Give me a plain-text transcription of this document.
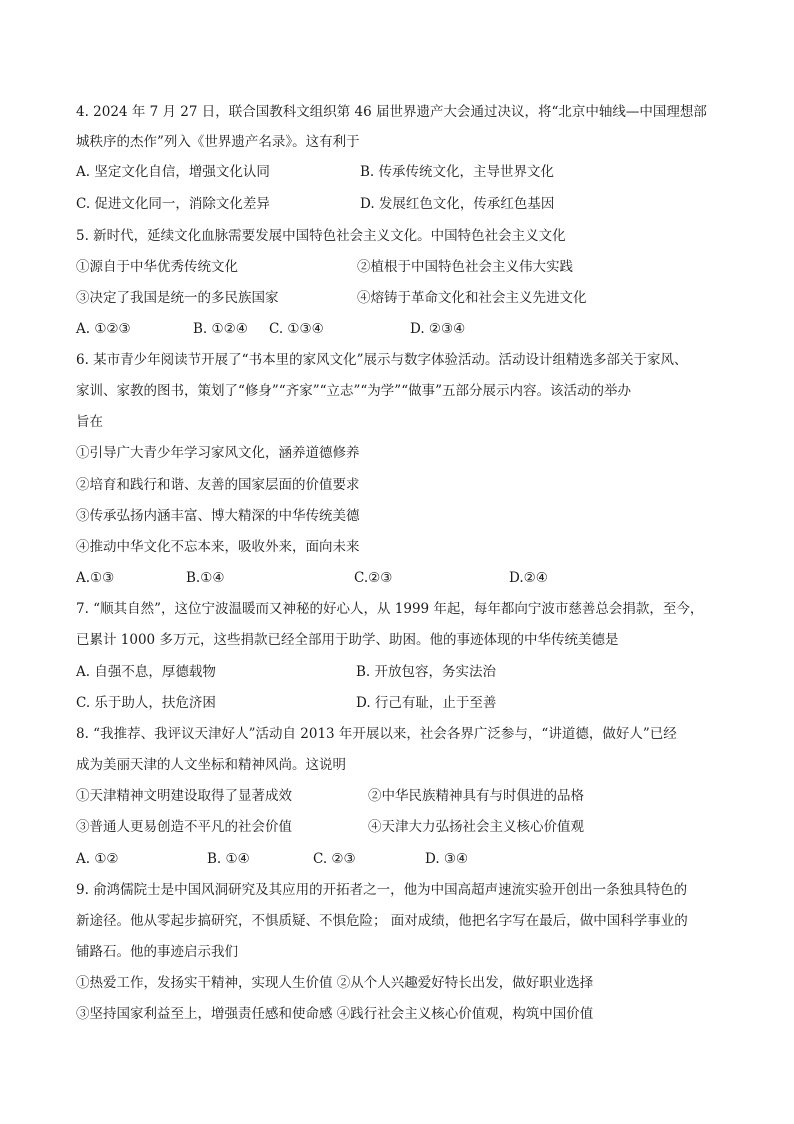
4. 2024 年 7 月 27 日，联合国教科文组织第 46 届世界遗产大会通过决议，将“北京中轴线—中国理想部
城秩序的杰作”列入《世界遗产名录》。这有利于
A. 坚定文化自信，增强文化认同	B. 传承传统文化，主导世界文化
C. 促进文化同一，消除文化差异	D. 发展红色文化，传承红色基因
5. 新时代，延续文化血脉需要发展中国特色社会主义文化。中国特色社会主义文化
①源自于中华优秀传统文化	②植根于中国特色社会主义伟大实践
③决定了我国是统一的多民族国家	④熔铸于革命文化和社会主义先进文化
A. ①②③	B. ①②④ C. ①③④	D. ②③④
6. 某市青少年阅读节开展了“书本里的家风文化”展示与数字体验活动。活动设计组精选多部关于家风、
家训、家教的图书，策划了“修身”“齐家”“立志”“为学”“做事”五部分展示内容。该活动的举办
旨在
①引导广大青少年学习家风文化，涵养道德修养
②培育和践行和谐、友善的国家层面的价值要求
③传承弘扬内涵丰富、博大精深的中华传统美德
④推动中华文化不忘本来，吸收外来，面向未来
A.①③	B.①④	C.②③	D.②④
7. “顺其自然”，这位宁波温暖而又神秘的好心人，从 1999 年起，每年都向宁波市慈善总会捐款，至今，
已累计 1000 多万元，这些捐款已经全部用于助学、助困。他的事迹体现的中华传统美德是
A. 自强不息，厚德载物	B. 开放包容，务实法治
C. 乐于助人，扶危济困	D. 行己有耻，止于至善
8. “我推荐、我评议天津好人”活动自 2013 年开展以来，社会各界广泛参与，“讲道德，做好人”已经
成为美丽天津的人文坐标和精神风尚。这说明
①天津精神文明建设取得了显著成效	②中华民族精神具有与时俱进的品格
③普通人更易创造不平凡的社会价值	④天津大力弘扬社会主义核心价值观
A. ①②	B. ①④	C. ②③	D. ③④
9. 俞鸿儒院士是中国风洞研究及其应用的开拓者之一，他为中国高超声速流实验开创出一条独具特色的
新途径。他从零起步搞研究，不惧质疑、不惧危险； 面对成绩，他把名字写在最后，做中国科学事业的
铺路石。他的事迹启示我们
①热爱工作，发扬实干精神，实现人生价值 ②从个人兴趣爱好特长出发，做好职业选择
③坚持国家利益至上，增强责任感和使命感 ④践行社会主义核心价值观，构筑中国价值
